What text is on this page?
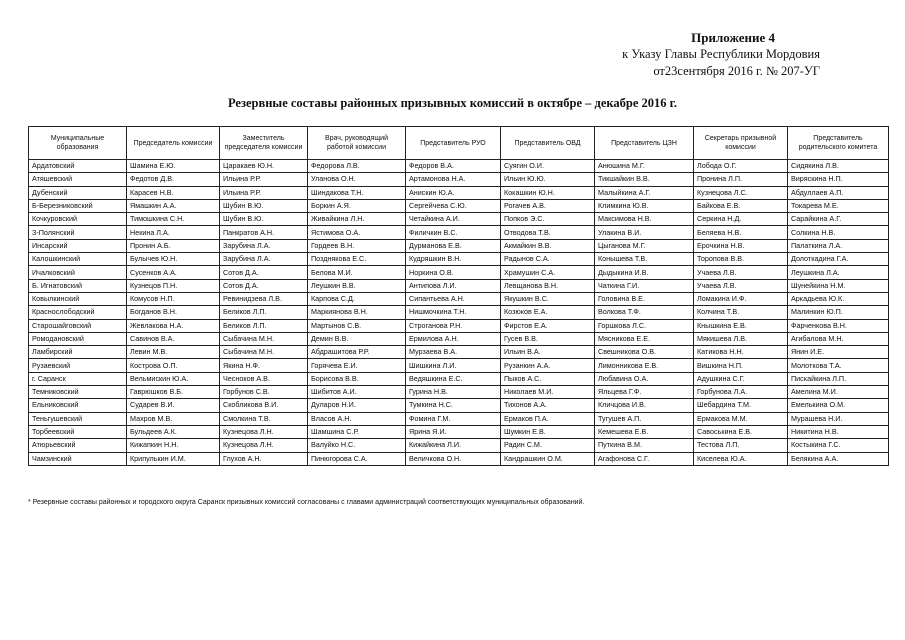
Приложение 4
к Указу Главы Республики Мордовия
от23сентября 2016 г. № 207-УГ
Резервные составы районных призывных комиссий в октябре – декабре 2016 г.
Муниципальные образования	Председатель комиссии	Заместитель председателя комиссии	Врач, руководящий работой комиссии	Представитель РУО	Представитель ОВД	Представитель ЦЗН	Секретарь призывной комиссии	Представитель родительского комитета
Ардатовский	Шамина Е.Ю.	Царакаев Ю.Н.	Федорова Л.В.	Федоров В.А.	Суягин О.И.	Анюшина М.Г.	Лобода О.Г.	Сидякина Л.В.
Атяшевский	Федотов Д.В.	Ильина Р.Р.	Уланова О.Н.	Артамонова Н.А.	Ильин Ю.Ю.	Тикшайкин В.В.	Пронина Л.П.	Виряскина Н.П.
Дубенский	Карасев Н.В.	Ильина Р.Р.	Шиндакова Т.Н.	Анискин Ю.А.	Кокашкин Ю.Н.	Малыйкина А.Г.	Кузнецова Л.С.	Абдуллаев А.П.
Б-Березниковский	Ямашкин А.А.	Шубин В.Ю.	Боркин А.Я.	Сергейчева С.Ю.	Рогачев А.В.	Климкина Ю.В.	Байкова Е.В.	Токарева М.Е.
Кочкуровский	Тимошкина С.Н.	Шубин В.Ю.	Живайкина Л.Н.	Четайкина А.И.	Попков Э.С.	Максимова Н.В.	Серкина Н.Д.	Сарайкина А.Г.
З-Полянский	Некина Л.А.	Панкратов А.Н.	Ястимова О.А.	Филичкин В.С.	Отводова Т.В.	Улакина В.И.	Беляева Н.В.	Солкина Н.В.
Инсарский	Пронин А.Б.	Зарубина Л.А.	Гордеев В.Н.	Дурманова Е.В.	Акмайкин В.В.	Цыганова М.Г.	Ерочкина Н.В.	Палаткина Л.А.
Калошкинский	Булычев Ю.Н.	Зарубина Л.А.	Позднякова Е.С.	Кудряшкин В.Н.	Радынов С.А.	Конышева Т.В.	Торопова В.В.	Долоткадина Г.А.
Ичалковский	Сусенков А.А.	Сотов Д.А.	Белова М.И.	Норкина О.В.	Храмушин С.А.	Дыдыкина И.В.	Учаева Л.В.	Леушкина Л.А.
Б. Игнатовский	Кузнецов П.Н.	Сотов Д.А.	Леушкин В.В.	Антипова Л.И.	Левщанова В.Н.	Чаткина Г.И.	Учаева Л.В.	Шунейкина Н.М.
Ковылкинский	Комусов Н.П.	Ревинидзева Л.В.	Карпова С.Д.	Сипантьева А.Н.	Якушкин В.С.	Головина В.Е.	Ломакина И.Ф.	Аркадьева Ю.К.
Краснослободский	Богданов В.Н.	Беликов Л.П.	Маркиянова В.Н.	Нишмочкина Т.Н.	Козюков Е.А.	Волкова Т.Ф.	Колчина Т.В.	Малинкин Ю.П.
Старошайговский	Жевлакова Н.А.	Беликов Л.П.	Мартынов С.В.	Строганова Р.Н.	Фирстов Е.А.	Горшкова Л.С.	Кнышкина Е.В.	Фарченкова В.Н.
Ромодановский	Савинов В.А.	Сыбачина М.Н.	Демин В.В.	Ермилова А.Н.	Гусев В.В.	Мясникова Е.Е.	Мякишева Л.В.	Агибалова М.Н.
Ламбирский	Левин М.В.	Сыбачина М.Н.	Абдрашитова Р.Р.	Мурзаева В.А.	Ильин В.А.	Свешникова О.В.	Катикова Н.Н.	Янин И.Е.
Рузаевский	Кострова О.П.	Якина Н.Ф.	Горячева Е.И.	Шишкина Л.И.	Рузанкин А.А.	Лимонникова Е.В.	Вишкина Н.П.	Молоткова Т.А.
г. Саранск	Вельмискин Ю.А.	Чесноков А.В.	Борисова В.В.	Ведяшкина Е.С.	Пыков А.С.	Любавина О.А.	Адушкина С.Г.	Пискайкина Л.П.
Темниковский	Гаврюшков В.Б.	Горбунов С.В.	Шибитов А.И.	Гурина Н.В.	Николаев М.И.	Яльцева Г.Ф.	Горбунова Л.А.	Амелина М.И.
Ельниковский	Сударев В.И.	Скобликова В.И.	Дуларов Н.И.	Тумкина Н.С.	Тихонов А.А.	Кличцова И.В.	Шебардина Т.М.	Емелькина О.М.
Теньгушевский	Махров М.В.	Смолкина Т.В.	Власов А.Н.	Фомина Г.М.	Ермаков П.А.	Тугушев А.П.	Ермакова М.М.	Мурашева Н.И.
Торбеевский	Бульдеев А.К.	Кузнецова Л.Н.	Шамшина С.Р.	Ярина Я.И.	Шумкин Е.В.	Кемешева Е.В.	Савоськина Е.В.	Никитина Н.В.
Атюрьевский	Кижапкин Н.Н.	Кузнецова Л.Н.	Валуйко Н.С.	Кижайкина Л.И.	Радин С.М.	Путкина В.М.	Тестова Л.П.	Костыкина Г.С.
Чамзинский	Крипулькин И.М.	Глухов А.Н.	Пинюгорова С.А.	Величкова О.Н.	Кандрашкин О.М.	Агафонова С.Г.	Киселева Ю.А.	Белякина А.А.
* Резервные составы районных и городского округа Саранск призывных комиссий согласованы с главами администраций соответствующих муниципальных образований.
